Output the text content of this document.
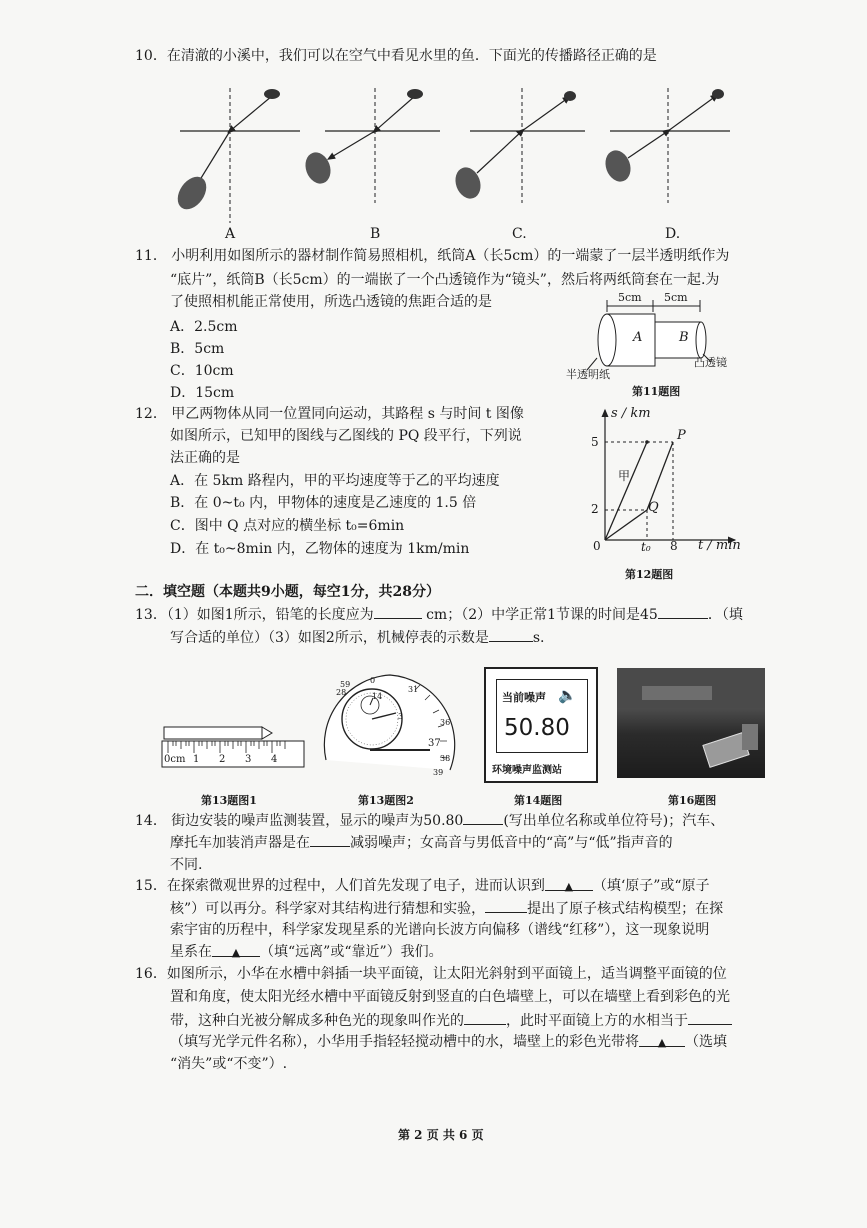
10．在清澈的小溪中，我们可以在空气中看见水里的鱼．下面光的传播路径正确的是
A	B	C.	D.
11． 小明利用如图所示的器材制作简易照相机，纸筒A（长5cm）的一端蒙了一层半透明纸作为
“底片”，纸筒B（长5cm）的一端嵌了一个凸透镜作为“镜头”，然后将两纸筒套在一起.为
了使照相机能正常使用，所选凸透镜的焦距合适的是
A．2.5cm
B．5cm
C．10cm
D．15cm
5cm 5cm
A	B
凸透镜
半透明纸
第11题图
12． 甲乙两物体从同一位置同向运动，其路程 s 与时间 t 图像
如图所示，已知甲的图线与乙图线的 PQ 段平行，下列说
法正确的是
A．在 5km 路程内，甲的平均速度等于乙的平均速度
B．在 0~t₀ 内，甲物体的速度是乙速度的 1.5 倍
C．图中 Q 点对应的横坐标 t₀=6min
D．在 t₀~8min 内，乙物体的速度为 1km/min
s / km
t / min
5
2
0	t₀ 8
P
Q
甲
第12题图
二．填空题（本题共9小题，每空1分，共28分）
13．（1）如图1所示，铅笔的长度应为	cm；（2）中学正常1节课的时间是45	．（填
写合适的单位）（3）如图2所示，机械停表的示数是	s.
0cm 1 2 3 4
59
28
0
14
31
3
36
37
38
39
当前噪声 🔈
50.80
环境噪声监测站
第13题图1	第13题图2	第14题图	第16题图
14． 街边安装的噪声监测装置，显示的噪声为50.80	(写出单位名称或单位符号)；汽车、
摩托车加装消声器是在	减弱噪声；女高音与男低音中的“高”与“低”指声音的
不同.
15．在探索微观世界的过程中，人们首先发现了电子，进而认识到 ▲ （填‘原子”或“原子
核”）可以再分。科学家对其结构进行猜想和实验，	提出了原子核式结构模型；在探
索宇宙的历程中，科学家发现星系的光谱向长波方向偏移（谱线“红移”），这一现象说明
星系在 ▲ （填“远离”或“靠近”）我们。
16．如图所示，小华在水槽中斜插一块平面镜，让太阳光斜射到平面镜上，适当调整平面镜的位
置和角度，使太阳光经水槽中平面镜反射到竖直的白色墙壁上，可以在墙壁上看到彩色的光
带，这种白光被分解成多种色光的现象叫作光的	，此时平面镜上方的水相当于
（填写光学元件名称），小华用手指轻轻搅动槽中的水，墙壁上的彩色光带将 ▲ （选填
“消失”或“不变”）.
第 2 页 共 6 页
